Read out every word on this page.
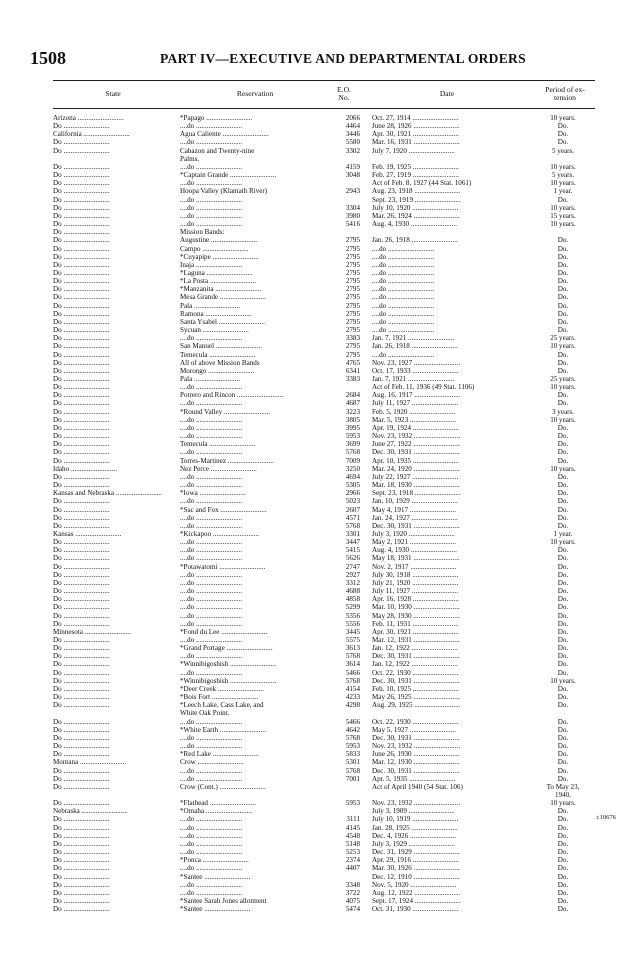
1508	PART IV—EXECUTIVE AND DEPARTMENTAL ORDERS
State	Reservation	E.O. No.	Date	Period of ex-tension
Arizona ..........................	*Papago ..........................	2066 Oct. 27, 1914 ..........................	10 years.
Do ..........................	....do ..........................	4464 June 28, 1926 ..........................	Do.
California ..........................	Agua Caliente ..........................	3446 Apr. 30, 1921 ..........................	Do.
Do ..........................	....do ..........................	5580 Mar. 16, 1931 ..........................	Do.
Do ..........................	Cabazon and Twenty-nine	3302 July 7, 1920 ..........................	5 years.
Palms.
Do ..........................	....do ..........................	4159 Feb. 19, 1925 ..........................	10 years.
Do ..........................	*Captain Grande ..........................	3048 Feb. 27, 1919 ..........................	5 years.
Do ..........................	....do ..........................	Act of Feb. 8, 1927 (44 Stat. 1061)	10 years.
Do ..........................	Hoopa Valley (Klamath River)	2943 Aug. 23, 1918 ..........................	1 year.
Do ..........................	....do ..........................	Sept. 23, 1919 ..........................	Do.
Do ..........................	....do ..........................	3304 July 10, 1920 ..........................	10 years.
Do ..........................	....do ..........................	3980 Mar. 26, 1924 ..........................	15 years.
Do ..........................	....do ..........................	5416 Aug. 4, 1930 ..........................	10 years.
Do ..........................	Mission Bands:
Do ..........................	Augustine ..........................	2795 Jan. 26, 1918 ..........................	Do.
Do ..........................	Campo ..........................	2795 ....do ..........................	Do.
Do ..........................	*Cuyapipe ..........................	2795 ....do ..........................	Do.
Do ..........................	Inaja ..........................	2795 ....do ..........................	Do.
Do ..........................	*Laguna ..........................	2795 ....do ..........................	Do.
Do ..........................	*La Posta ..........................	2795 ....do ..........................	Do.
Do ..........................	*Manzanita ..........................	2795 ....do ..........................	Do.
Do ..........................	Mesa Grande ..........................	2795 ....do ..........................	Do.
Do ..........................	Pala ..........................	2795 ....do ..........................	Do.
Do ..........................	Ramona ..........................	2795 ....do ..........................	Do.
Do ..........................	Santa Ysabel ..........................	2795 ....do ..........................	Do.
Do ..........................	Sycuan ..........................	2795 ....do ..........................	Do.
Do ..........................	....do ..........................	3383 Jan. 7, 1921 ..........................	25 years.
Do ..........................	San Manuel ..........................	2795 Jan. 26, 1918 ..........................	10 years.
Do ..........................	Temecula ..........................	2795 ....do ..........................	Do.
Do ..........................	All of above Mission Bands	4765 Nov. 23, 1927 ..........................	Do.
Do ..........................	Morongo ..........................	6341 Oct. 17, 1933 ..........................	Do.
Do ..........................	Pala ..........................	3383 Jan. 7, 1921 ..........................	25 years.
Do ..........................	....do ..........................	Act of Feb. 11, 1936 (49 Stat. 1106)	10 years.
Do ..........................	Potrero and Rincon ..........................	2684 Aug. 16, 1917 ..........................	Do.
Do ..........................	....do ..........................	4687 July 11, 1927 ..........................	Do.
Do ..........................	*Round Valley ..........................	3223 Feb. 5, 1920 ..........................	3 years.
Do ..........................	....do ..........................	3805 Mar. 5, 1923 ..........................	10 years.
Do ..........................	....do ..........................	3995 Apr. 19, 1924 ..........................	Do.
Do ..........................	....do ..........................	5953 Nov. 23, 1932 ..........................	Do.
Do ..........................	Temecula ..........................	3699 June 27, 1922 ..........................	Do.
Do ..........................	....do ..........................	5768 Dec. 30, 1931 ..........................	Do.
Do ..........................	Torres-Martinez ..........................	7009 Apr. 10, 1935 ..........................	Do.
Idaho ..........................	Nez Perce ..........................	3250 Mar. 24, 1920 ..........................	10 years.
Do ..........................	....do ..........................	4694 July 22, 1927 ..........................	Do.
Do ..........................	....do ..........................	5305 Mar. 18, 1930 ..........................	Do.
Kansas and Nebraska ..........................	*Iowa ..........................	2966 Sept. 23, 1918 ..........................	Do.
Do ..........................	....do ..........................	5023 Jan. 10, 1929 ..........................	Do.
Do ..........................	*Sac and Fox ..........................	2607 May 4, 1917 ..........................	Do.
Do ..........................	....do ..........................	4571 Jan. 24, 1927 ..........................	Do.
Do ..........................	....do ..........................	5768 Dec. 30, 1931 ..........................	Do.
Kansas ..........................	*Kickapoo ..........................	3301 July 3, 1920 ..........................	1 year.
Do ..........................	....do ..........................	3447 May 2, 1921 ..........................	10 years.
Do ..........................	....do ..........................	5415 Aug. 4, 1930 ..........................	Do.
Do ..........................	....do ..........................	5626 May 18, 1931 ..........................	Do.
Do ..........................	*Potawatomi ..........................	2747 Nov. 2, 1917 ..........................	Do.
Do ..........................	....do ..........................	2927 July 30, 1918 ..........................	Do.
Do ..........................	....do ..........................	3312 July 21, 1920 ..........................	Do.
Do ..........................	....do ..........................	4688 July 11, 1927 ..........................	Do.
Do ..........................	....do ..........................	4858 Apr. 16, 1928 ..........................	Do.
Do ..........................	....do ..........................	5299 Mar. 10, 1930 ..........................	Do.
Do ..........................	....do ..........................	5356 May 28, 1930 ..........................	Do.
Do ..........................	....do ..........................	5556 Feb. 11, 1931 ..........................	Do.
Minnesota ..........................	*Fond du Lee ..........................	3445 Apr. 30, 1921 ..........................	Do.
Do ..........................	....do ..........................	5575 Mar. 12, 1931 ..........................	Do.
Do ..........................	*Grand Portage ..........................	3613 Jan. 12, 1922 ..........................	Do.
Do ..........................	....do ..........................	5768 Dec. 30, 1931 ..........................	Do.
Do ..........................	*Winnibigoshish ..........................	3614 Jan. 12, 1922 ..........................	Do.
Do ..........................	....do ..........................	5466 Oct. 22, 1930 ..........................	Do.
Do ..........................	*Winnibigoshish ..........................	5768 Dec. 30, 1931 ..........................	10 years.
Do ..........................	*Deer Creek ..........................	4154 Feb. 10, 1925 ..........................	Do.
Do ..........................	*Bois Fort ..........................	4233 May 26, 1925 ..........................	Do.
Do ..........................	*Leech Lake, Cass Lake, and	4298 Aug. 29, 1925 ..........................	Do.
White Oak Point.
Do ..........................	....do ..........................	5466 Oct. 22, 1930 ..........................	Do.
Do ..........................	*White Earth ..........................	4642 May 5, 1927 ..........................	Do.
Do ..........................	....do ..........................	5768 Dec. 30, 1931 ..........................	Do.
Do ..........................	....do ..........................	5953 Nov. 23, 1932 ..........................	Do.
Do ..........................	*Red Lake ..........................	5833 June 26, 1930 ..........................	Do.
Montana ..........................	Crow ..........................	5301 Mar. 12, 1930 ..........................	Do.
Do ..........................	....do ..........................	5768 Dec. 30, 1931 ..........................	Do.
Do ..........................	....do ..........................	7001 Apr. 5, 1935 ..........................	Do.
Do ..........................	Crow (Cont.) ..........................	Act of April 1940 (54 Stat. 106)	To May 23,
1940.
Do ..........................	*Flathead ..........................	5953 Nov. 23, 1932 ..........................	10 years.
Nebraska ..........................	*Omaha ..........................	July 3, 1909 ..........................	Do.
Do ..........................	....do ..........................	3111 July 10, 1919 ..........................	Do.
Do ..........................	....do ..........................	4145 Jan. 28, 1925 ..........................	Do.
Do ..........................	....do ..........................	4548 Dec. 4, 1926 ..........................	Do.
Do ..........................	....do ..........................	5148 July 3, 1929 ..........................	Do.
Do ..........................	....do ..........................	5253 Dec. 31, 1929 ..........................	Do.
Do ..........................	*Ponca ..........................	2374 Apr. 29, 1916 ..........................	Do.
Do ..........................	....do ..........................	4407 Mar. 30, 1926 ..........................	Do.
Do ..........................	*Santee ..........................	Dec. 12, 1910 ..........................	Do.
Do ..........................	....do ..........................	3348 Nov. 5, 1920 ..........................	Do.
Do ..........................	....do ..........................	3722 Aug. 12, 1922 ..........................	Do.
Do ..........................	*Santee Sarah Jones allotment	4075 Sept. 17, 1924 ..........................	Do.
Do ..........................	*Santee ..........................	5474 Oct. 31, 1930 ..........................	Do.
±10676
